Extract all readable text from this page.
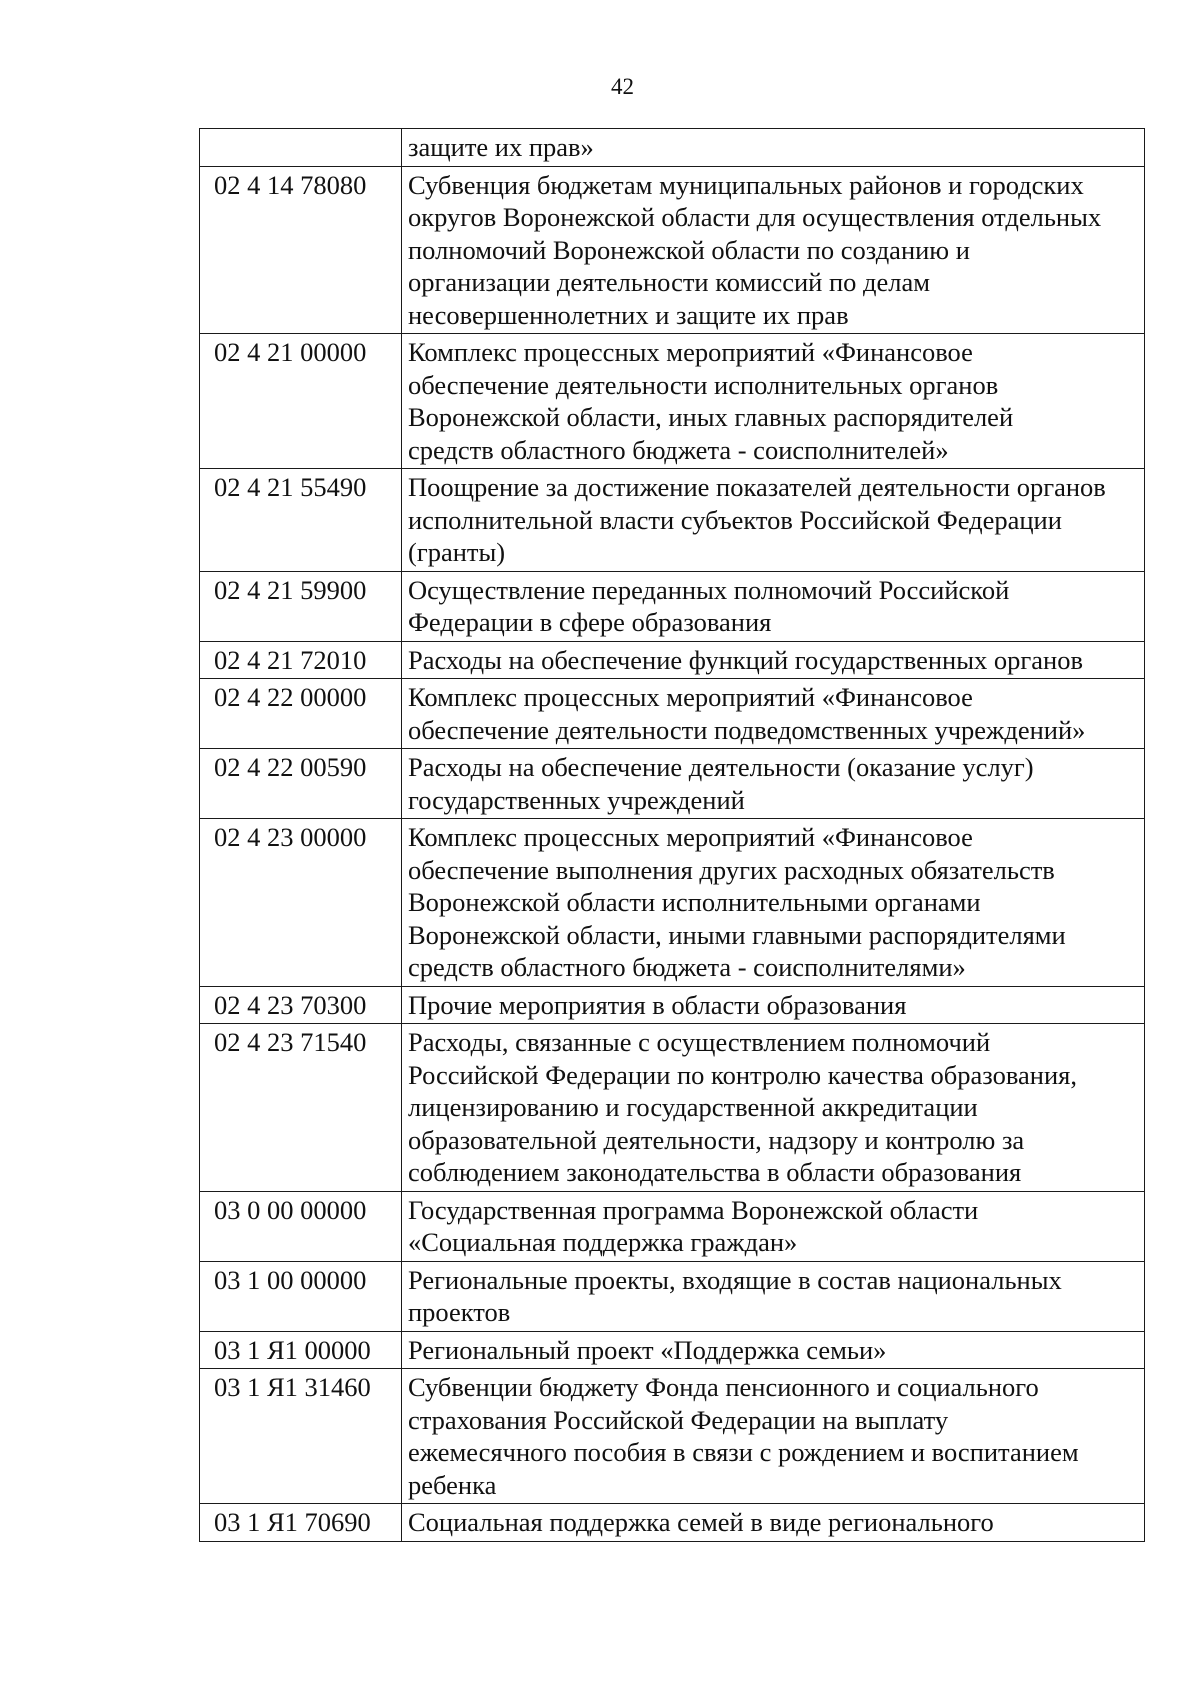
42
	защите их прав»
02 4 14 78080	Субвенция бюджетам муниципальных районов и городских
округов Воронежской области для осуществления отдельных
полномочий Воронежской области по созданию и
организации деятельности комиссий по делам
несовершеннолетних и защите их прав
02 4 21 00000	Комплекс процессных мероприятий «Финансовое
обеспечение деятельности исполнительных органов
Воронежской области, иных главных распорядителей
средств областного бюджета - соисполнителей»
02 4 21 55490	Поощрение за достижение показателей деятельности органов
исполнительной власти субъектов Российской Федерации
(гранты)
02 4 21 59900	Осуществление переданных полномочий Российской
Федерации в сфере образования
02 4 21 72010	Расходы на обеспечение функций государственных органов
02 4 22 00000	Комплекс процессных мероприятий «Финансовое
обеспечение деятельности подведомственных учреждений»
02 4 22 00590	Расходы на обеспечение деятельности (оказание услуг)
государственных учреждений
02 4 23 00000	Комплекс процессных мероприятий «Финансовое
обеспечение выполнения других расходных обязательств
Воронежской области исполнительными органами
Воронежской области, иными главными распорядителями
средств областного бюджета - соисполнителями»
02 4 23 70300	Прочие мероприятия в области образования
02 4 23 71540	Расходы, связанные с осуществлением полномочий
Российской Федерации по контролю качества образования,
лицензированию и государственной аккредитации
образовательной деятельности, надзору и контролю за
соблюдением законодательства в области образования
03 0 00 00000	Государственная программа Воронежской области
«Социальная поддержка граждан»
03 1 00 00000	Региональные проекты, входящие в состав национальных
проектов
03 1 Я1 00000	Региональный проект «Поддержка семьи»
03 1 Я1 31460	Субвенции бюджету Фонда пенсионного и социального
страхования Российской Федерации на выплату
ежемесячного пособия в связи с рождением и воспитанием
ребенка
03 1 Я1 70690	Социальная поддержка семей в виде регионального
